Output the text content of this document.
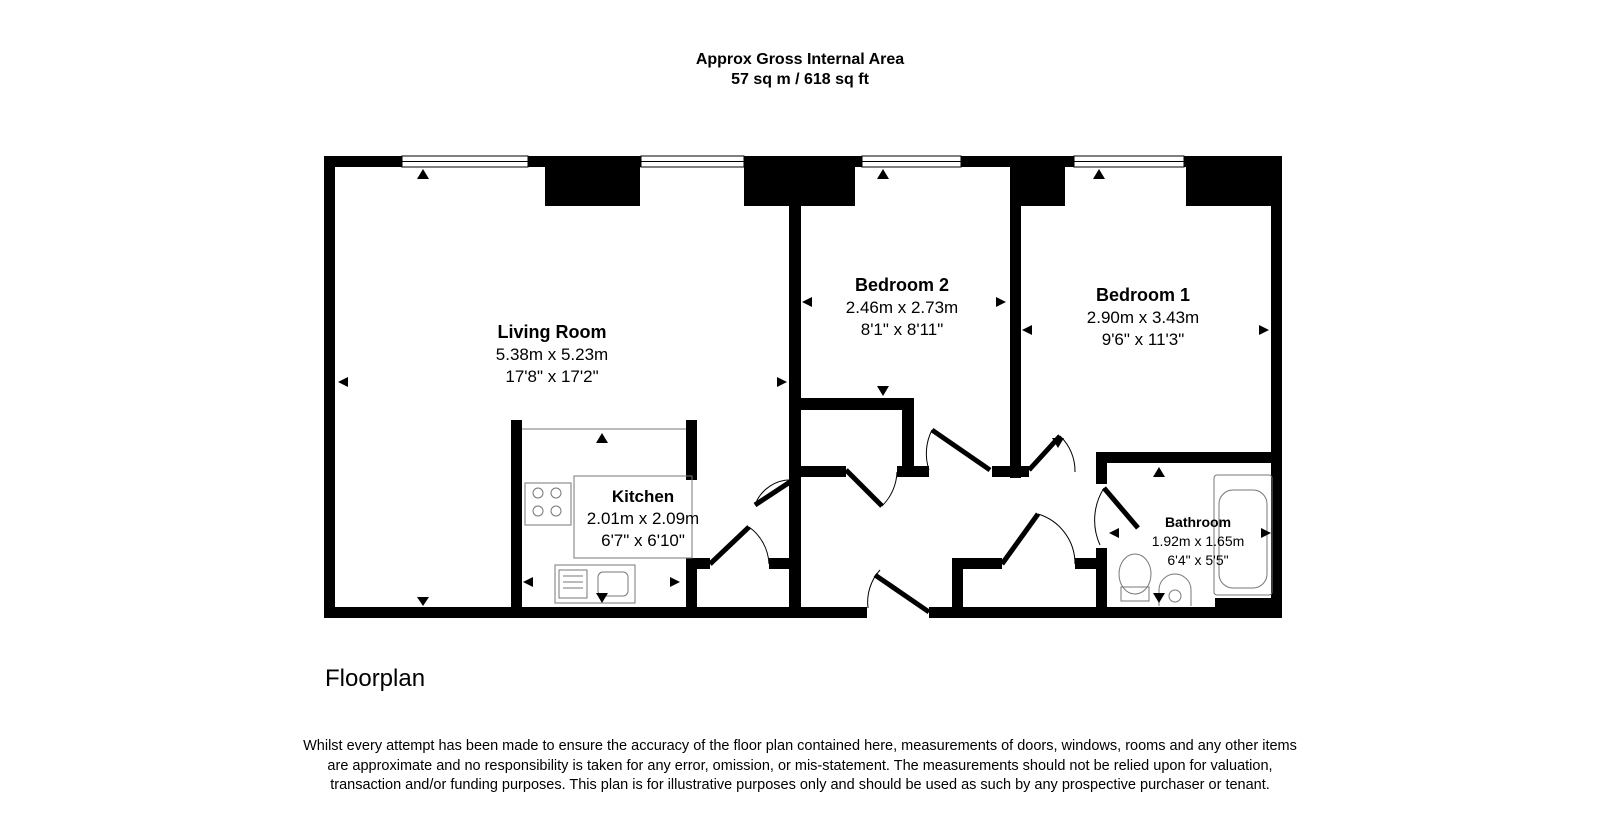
Approx Gross Internal Area
57 sq m / 618 sq ft
Living Room
5.38m x 5.23m
17'8" x 17'2"
Bedroom 2
2.46m x 2.73m
8'1" x 8'11"
Bedroom 1
2.90m x 3.43m
9'6" x 11'3"
Kitchen
2.01m x 2.09m
6'7" x 6'10"
Bathroom
1.92m x 1.65m
6'4" x 5'5"
Floorplan
Whilst every attempt has been made to ensure the accuracy of the floor plan contained here, measurements of doors, windows, rooms and any other items are approximate and no responsibility is taken for any error, omission, or mis-statement. The measurements should not be relied upon for valuation, transaction and/or funding purposes. This plan is for illustrative purposes only and should be used as such by any prospective purchaser or tenant.
